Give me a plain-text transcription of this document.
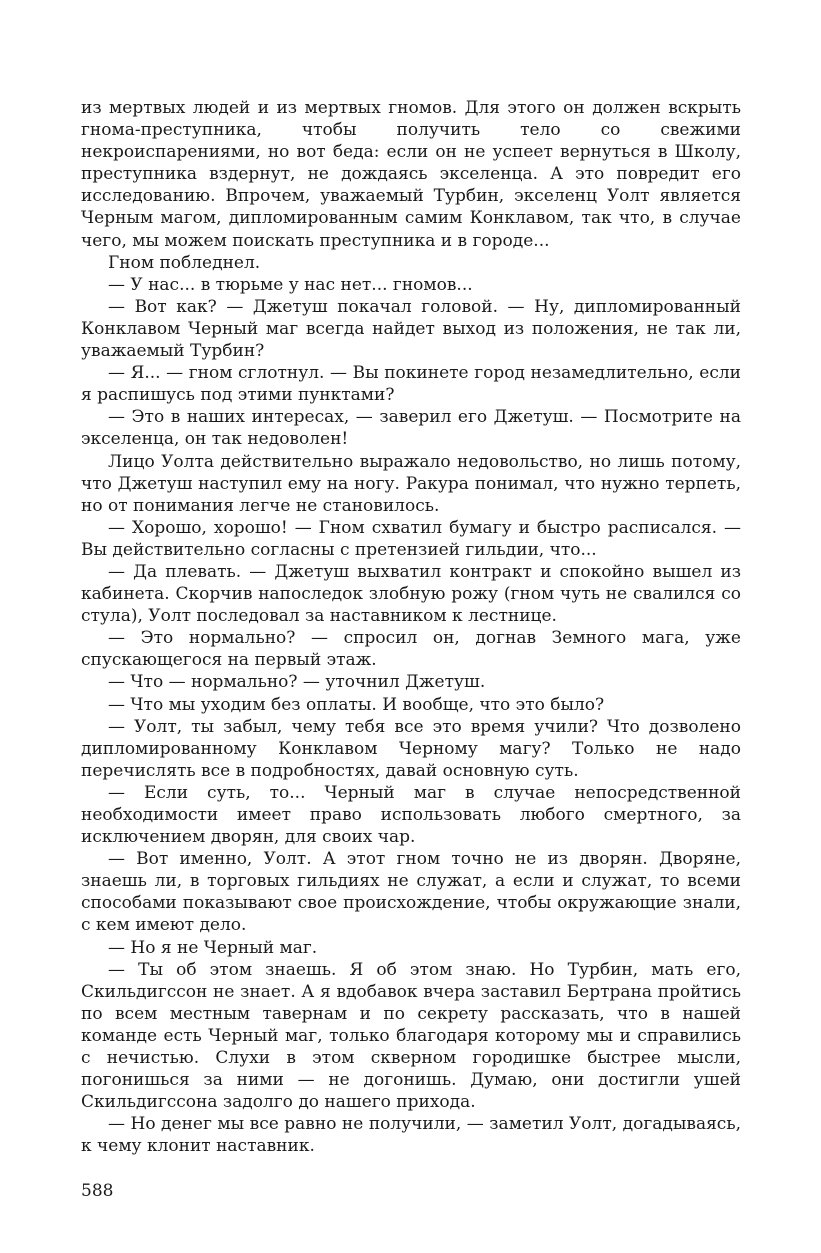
из мертвых людей и из мертвых гномов. Для этого он должен вскрыть гнома-преступника, чтобы получить тело со свежими некроиспарениями, но вот беда: если он не успеет вернуться в Школу, преступника вздернут, не дождаясь экселенца. А это повредит его исследованию. Впрочем, уважаемый Турбин, экселенц Уолт является Черным магом, дипломированным самим Конклавом, так что, в случае чего, мы можем поискать преступника и в городе...

Гном побледнел.

— У нас... в тюрьме у нас нет... гномов...

— Вот как? — Джетуш покачал головой. — Ну, дипломированный Конклавом Черный маг всегда найдет выход из положения, не так ли, уважаемый Турбин?

— Я... — гном сглотнул. — Вы покинете город незамедлительно, если я распишусь под этими пунктами?

— Это в наших интересах, — заверил его Джетуш. — Посмотрите на экселенца, он так недоволен!

Лицо Уолта действительно выражало недовольство, но лишь потому, что Джетуш наступил ему на ногу. Ракура понимал, что нужно терпеть, но от понимания легче не становилось.

— Хорошо, хорошо! — Гном схватил бумагу и быстро расписался. — Вы действительно согласны с претензией гильдии, что...

— Да плевать. — Джетуш выхватил контракт и спокойно вышел из кабинета. Скорчив напоследок злобную рожу (гном чуть не свалился со стула), Уолт последовал за наставником к лестнице.

— Это нормально? — спросил он, догнав Земного мага, уже спускающегося на первый этаж.

— Что — нормально? — уточнил Джетуш.

— Что мы уходим без оплаты. И вообще, что это было?

— Уолт, ты забыл, чему тебя все это время учили? Что дозволено дипломированному Конклавом Черному магу? Только не надо перечислять все в подробностях, давай основную суть.

— Если суть, то... Черный маг в случае непосредственной необходимости имеет право использовать любого смертного, за исключением дворян, для своих чар.

— Вот именно, Уолт. А этот гном точно не из дворян. Дворяне, знаешь ли, в торговых гильдиях не служат, а если и служат, то всеми способами показывают свое происхождение, чтобы окружающие знали, с кем имеют дело.

— Но я не Черный маг.

— Ты об этом знаешь. Я об этом знаю. Но Турбин, мать его, Скильдигссон не знает. А я вдобавок вчера заставил Бертрана пройтись по всем местным тавернам и по секрету рассказать, что в нашей команде есть Черный маг, только благодаря которому мы и справились с нечистью. Слухи в этом скверном городишке быстрее мысли, погонишься за ними — не догонишь. Думаю, они достигли ушей Скильдигссона задолго до нашего прихода.

— Но денег мы все равно не получили, — заметил Уолт, догадываясь, к чему клонит наставник.

588
